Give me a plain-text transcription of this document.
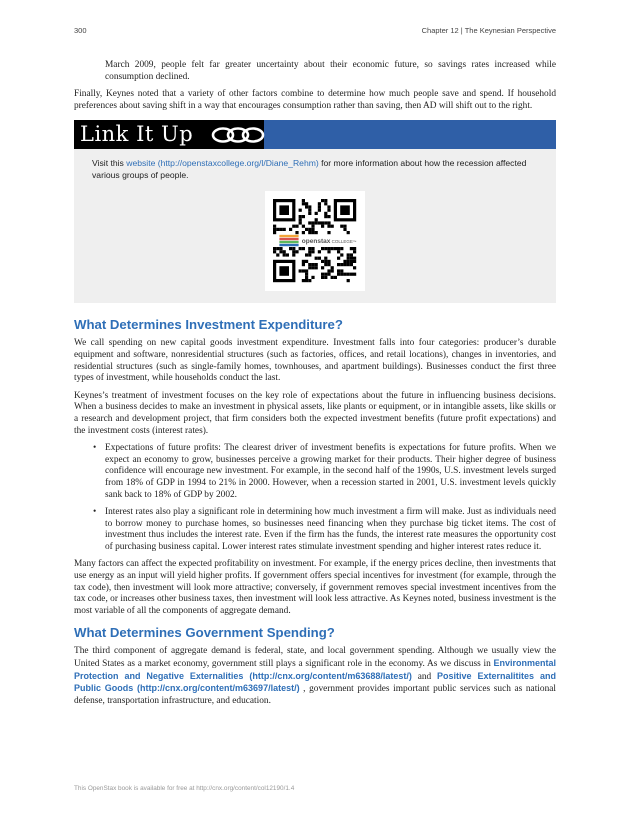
300	Chapter 12 | The Keynesian Perspective

March 2009, people felt far greater uncertainty about their economic future, so savings rates increased while consumption declined.

Finally, Keynes noted that a variety of other factors combine to determine how much people save and spend. If household preferences about saving shift in a way that encourages consumption rather than saving, then AD will shift out to the right.

Link It Up

Visit this website (http://openstaxcollege.org/l/Diane_Rehm) for more information about how the recession affected various groups of people.

openstax COLLEGE™
What Determines Investment Expenditure?

We call spending on new capital goods investment expenditure. Investment falls into four categories: producer’s durable equipment and software, nonresidential structures (such as factories, offices, and retail locations), changes in inventories, and residential structures (such as single-family homes, townhouses, and apartment buildings). Businesses conduct the first three types of investment, while households conduct the last.

Keynes’s treatment of investment focuses on the key role of expectations about the future in influencing business decisions. When a business decides to make an investment in physical assets, like plants or equipment, or in intangible assets, like skills or a research and development project, that firm considers both the expected investment benefits (future profit expectations) and the investment costs (interest rates).

• Expectations of future profits: The clearest driver of investment benefits is expectations for future profits. When we expect an economy to grow, businesses perceive a growing market for their products. Their higher degree of business confidence will encourage new investment. For example, in the second half of the 1990s, U.S. investment levels surged from 18% of GDP in 1994 to 21% in 2000. However, when a recession started in 2001, U.S. investment levels quickly sank back to 18% of GDP by 2002.
• Interest rates also play a significant role in determining how much investment a firm will make. Just as individuals need to borrow money to purchase homes, so businesses need financing when they purchase big ticket items. The cost of investment thus includes the interest rate. Even if the firm has the funds, the interest rate measures the opportunity cost of purchasing business capital. Lower interest rates stimulate investment spending and higher interest rates reduce it.

Many factors can affect the expected profitability on investment. For example, if the energy prices decline, then investments that use energy as an input will yield higher profits. If government offers special incentives for investment (for example, through the tax code), then investment will look more attractive; conversely, if government removes special investment incentives from the tax code, or increases other business taxes, then investment will look less attractive. As Keynes noted, business investment is the most variable of all the components of aggregate demand.

What Determines Government Spending?

The third component of aggregate demand is federal, state, and local government spending. Although we usually view the United States as a market economy, government still plays a significant role in the economy. As we discuss in Environmental Protection and Negative Externalities (http://cnx.org/content/m63688/latest/) and Positive Externalitites and Public Goods (http://cnx.org/content/m63697/latest/) , government provides important public services such as national defense, transportation infrastructure, and education.

This OpenStax book is available for free at http://cnx.org/content/col12190/1.4
